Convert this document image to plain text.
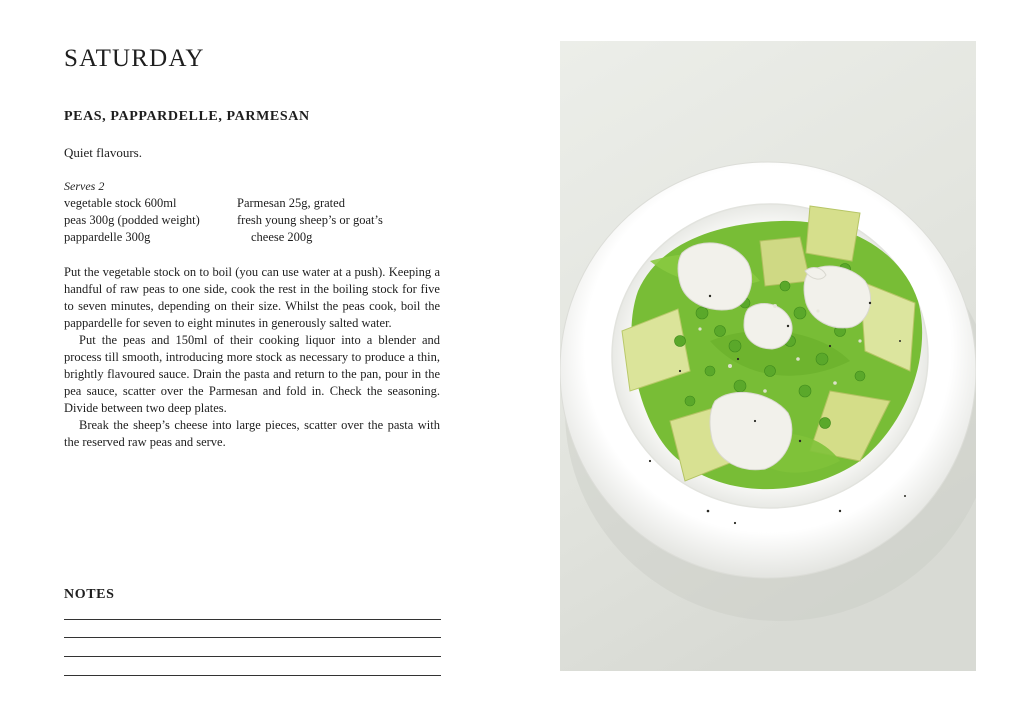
SATURDAY
PEAS, PAPPARDELLE, PARMESAN

Quiet flavours.

Serves 2

vegetable stock 600ml
peas 300g (podded weight)
pappardelle 300g
Parmesan 25g, grated
fresh young sheep’s or goat’s
cheese 200g

Put the vegetable stock on to boil (you can use water at a push). Keeping a handful of raw peas to one side, cook the rest in the boiling stock for five to seven minutes, depending on their size. Whilst the peas cook, boil the pappardelle for seven to eight minutes in generously salted water.

Put the peas and 150ml of their cooking liquor into a blender and process till smooth, introducing more stock as necessary to produce a thin, brightly flavoured sauce. Drain the pasta and return to the pan, pour in the pea sauce, scatter over the Parmesan and fold in. Check the seasoning. Divide between two deep plates.

Break the sheep’s cheese into large pieces, scatter over the pasta with the reserved raw peas and serve.

NOTES
